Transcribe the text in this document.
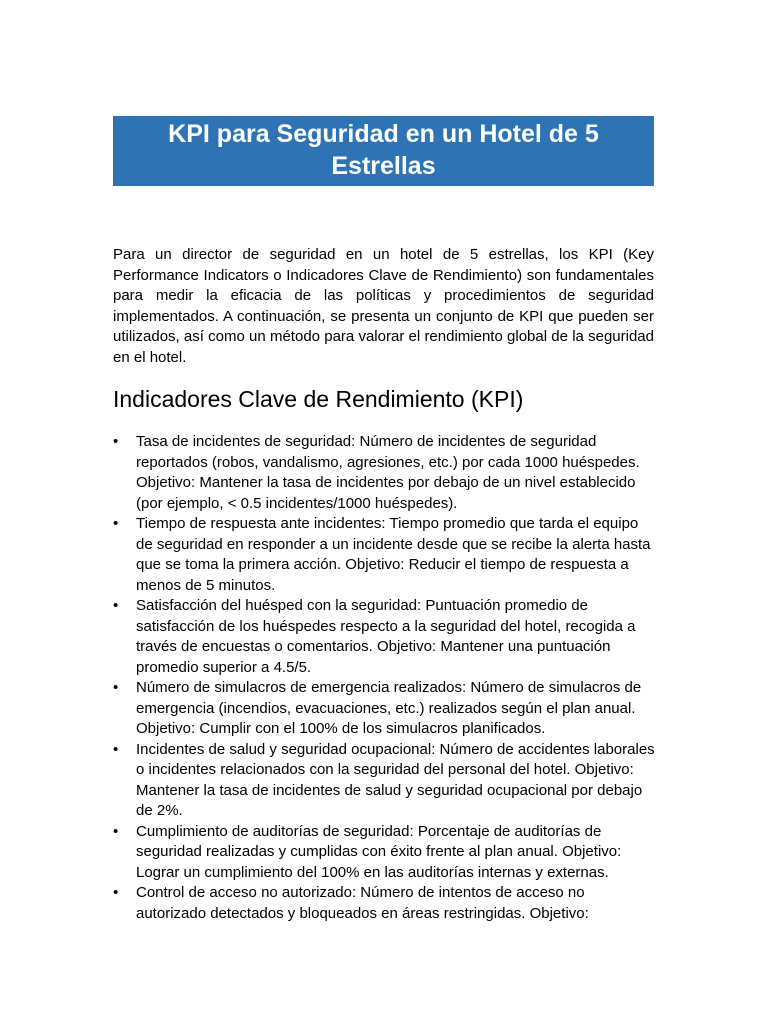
KPI para Seguridad en un Hotel de 5 Estrellas

Para un director de seguridad en un hotel de 5 estrellas, los KPI (Key Performance Indicators o Indicadores Clave de Rendimiento) son fundamentales para medir la eficacia de las políticas y procedimientos de seguridad implementados. A continuación, se presenta un conjunto de KPI que pueden ser utilizados, así como un método para valorar el rendimiento global de la seguridad en el hotel.

Indicadores Clave de Rendimiento (KPI)
•	Tasa de incidentes de seguridad: Número de incidentes de seguridad reportados (robos, vandalismo, agresiones, etc.) por cada 1000 huéspedes. Objetivo: Mantener la tasa de incidentes por debajo de un nivel establecido (por ejemplo, < 0.5 incidentes/1000 huéspedes).
•	Tiempo de respuesta ante incidentes: Tiempo promedio que tarda el equipo de seguridad en responder a un incidente desde que se recibe la alerta hasta que se toma la primera acción. Objetivo: Reducir el tiempo de respuesta a menos de 5 minutos.
•	Satisfacción del huésped con la seguridad: Puntuación promedio de satisfacción de los huéspedes respecto a la seguridad del hotel, recogida a través de encuestas o comentarios. Objetivo: Mantener una puntuación promedio superior a 4.5/5.
•	Número de simulacros de emergencia realizados: Número de simulacros de emergencia (incendios, evacuaciones, etc.) realizados según el plan anual. Objetivo: Cumplir con el 100% de los simulacros planificados.
•	Incidentes de salud y seguridad ocupacional: Número de accidentes laborales o incidentes relacionados con la seguridad del personal del hotel. Objetivo: Mantener la tasa de incidentes de salud y seguridad ocupacional por debajo de 2%.
•	Cumplimiento de auditorías de seguridad: Porcentaje de auditorías de seguridad realizadas y cumplidas con éxito frente al plan anual. Objetivo: Lograr un cumplimiento del 100% en las auditorías internas y externas.
•	Control de acceso no autorizado: Número de intentos de acceso no autorizado detectados y bloqueados en áreas restringidas. Objetivo:
